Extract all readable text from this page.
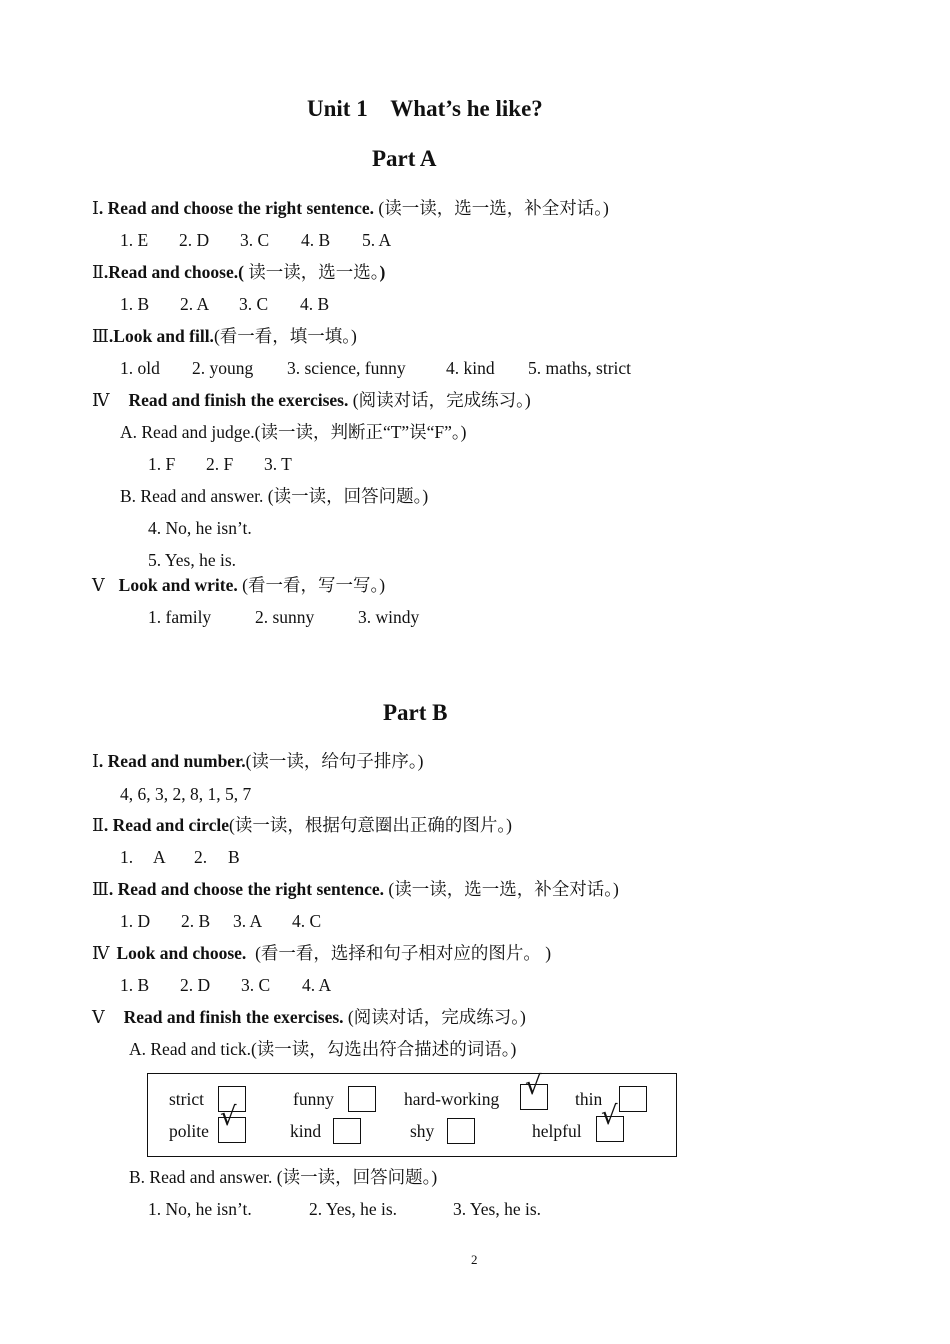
Unit 1    What’s he like?
Part A
Ⅰ. Read and choose the right sentence. (读一读，选一选，补全对话。)
1. E 2. D 3. C 4. B 5. A
Ⅱ.Read and choose.( 读一读，选一选。)
1. B 2. A 3. C 4. B
Ⅲ.Look and fill.(看一看，填一填。)
1. old 2. young 3. science, funny 4. kind 5. maths, strict
Ⅳ Read and finish the exercises. (阅读对话，完成练习。)
A. Read and judge.(读一读，判断正“T”误“F”。)
1. F 2. F 3. T
B. Read and answer. (读一读，回答问题。)
4. No, he isn’t.
5. Yes, he is.
Ⅴ Look and write. (看一看，写一写。)
1. family	2. sunny 3. windy
Part B
Ⅰ. Read and number.(读一读，给句子排序。)
4, 6, 3, 2, 8, 1, 5, 7
Ⅱ. Read and circle(读一读，根据句意圈出正确的图片。)
1. A 2. B
Ⅲ. Read and choose the right sentence. (读一读，选一选，补全对话。)
1. D 2. B 3. A 4. C
Ⅳ Look and choose.  (看一看，选择和句子相对应的图片。 )
1. B 2. D 3. C 4. A
Ⅴ Read and finish the exercises. (阅读对话，完成练习。)
A. Read and tick.(读一读，勾选出符合描述的词语。)
strict	funny	hard-working √ thin
polite √	kind	shy	helpful √
B. Read and answer. (读一读，回答问题。)
1. No, he isn’t.	2. Yes, he is.	3. Yes, he is.
2
